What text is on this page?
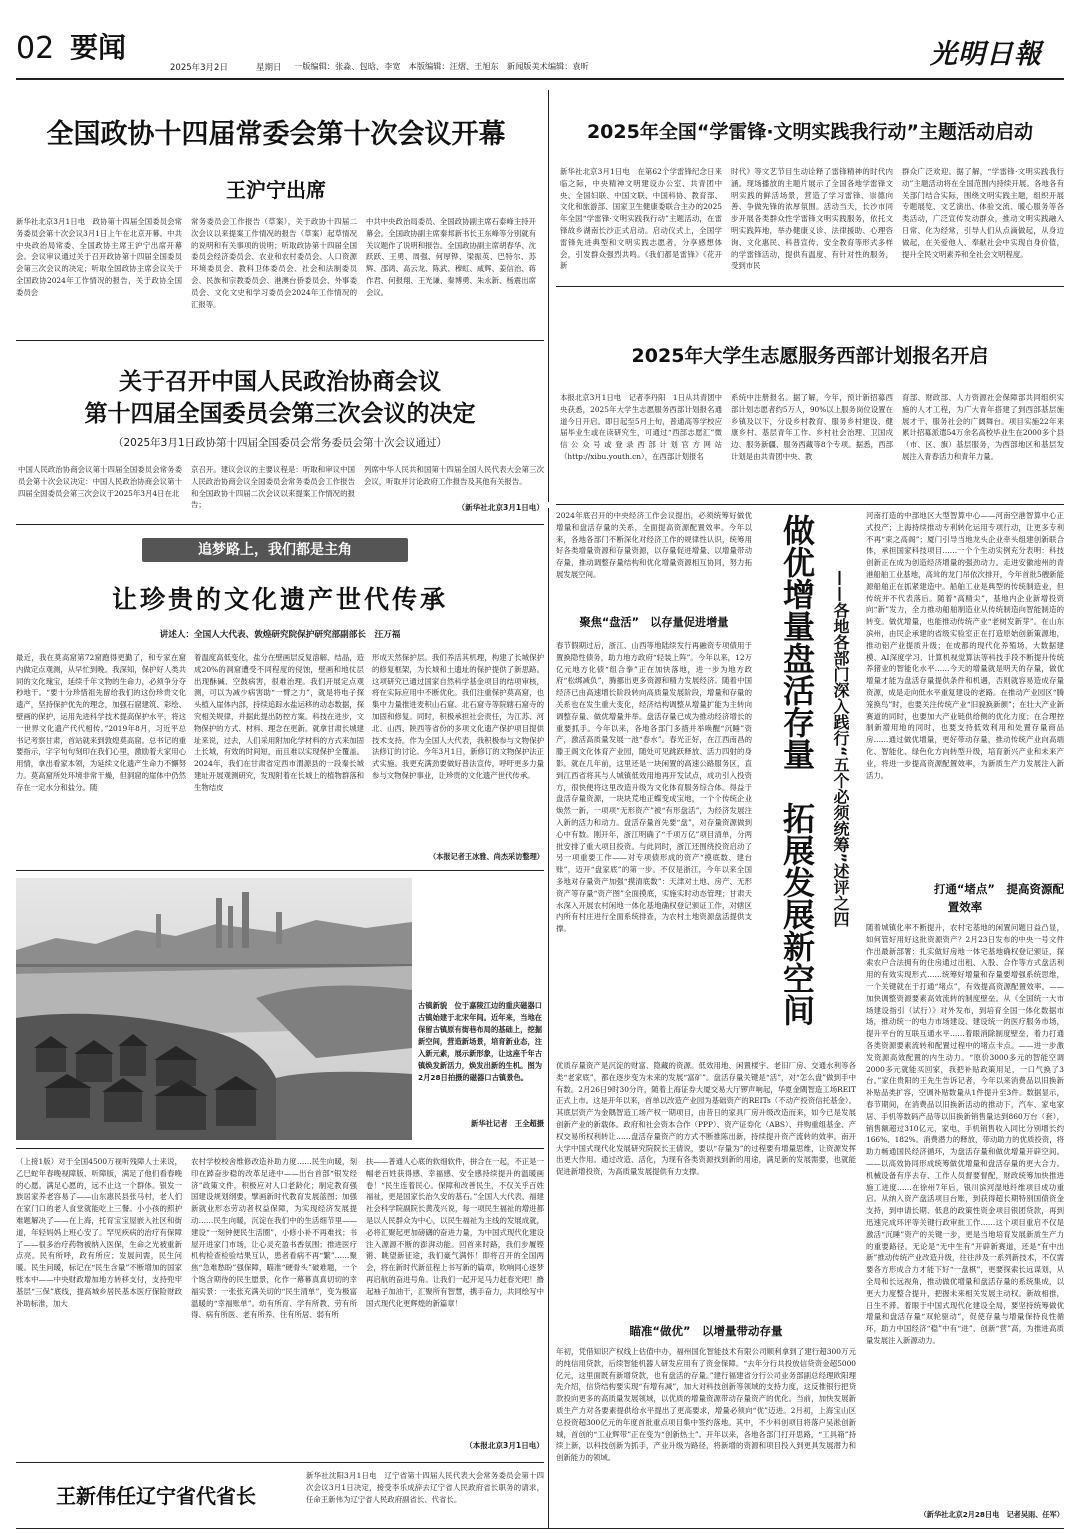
02 要闻
2025年3月2日	星期日 一版编辑：张淼、包晗、李宽　本版编辑：汪熠、王旭东　新闻版美术编辑：袁昕	光明日報
全国政协十四届常委会第十次会议开幕
王沪宁出席
新华社北京3月1日电　政协第十四届全国委员会常务委员会第十次会议3月1日上午在北京开幕。中共中央政治局常委、全国政协主席王沪宁出席开幕会。会议审议通过关于召开政协第十四届全国委员会第三次会议的决定；听取全国政协主席会议关于全国政协2024年工作情况的报告，关于政协全国委员会
常务委员会工作报告（草案），关于政协十四届二次会议以来提案工作情况的报告（草案）起草情况的说明和有关事项的说明；听取政协第十四届全国委员会经济委员会、农业和农村委员会、人口资源环境委员会、教科卫体委员会、社会和法制委员会、民族和宗教委员会、港澳台侨委员会、外事委员会、文化文史和学习委员会2024年工作情况的汇报等。
中共中央政治局委员、全国政协副主席石泰峰主持开幕会。全国政协副主席秦邦新书长王东峰等分别就有关议题作了说明和报告。全国政协副主席胡春华、沈跃跃、王勇、周强、何厚铧、梁振英、巴特尔、苏辉、邵鸿、高云龙、陈武、穆虹、咸辉、姜信治、蒋作君、何报翔、王光谦、秦博勇、朱永新、杨震出席会议。
2025年全国“学雷锋·文明实践我行动”主题活动启动
新华社北京3月1日电　在第62个学雷锋纪念日来临之际，中央精神文明建设办公室、共青团中央、全国妇联、中国文联、中国科协、教育部、文化和旅游部、国家卫生健康委联合主办的2025年全国“学雷锋·文明实践我行动”主题活动，在雷锋故乡湖南长沙正式启动。启动仪式上，全国学雷锋先进典型和文明实践志愿者，分享感想体会，引发群众强烈共鸣。《我们都是雷锋》《花开新
时代》等文艺节目生动诠释了雷锋精神的时代内涵。现场播放的主题片展示了全国各地学雷锋文明实践的鲜活场景，营造了学习雷锋、崇德向善、争做先锋的浓厚氛围。活动当天，长沙市同步开展各类群众性学雷锋文明实践服务，依托文明实践阵地，举办健康义诊、法律援助、心理咨询、文化惠民、科普宣传、安全教育等形式多样的学雷锋活动，提供有温度、有针对性的服务，受到市民
群众广泛欢迎。据了解，“学雷锋·文明实践我行动”主题活动将在全国范围内持续开展。各地各有关部门结合实际，围绕文明实践主题，组织开展专题展览、文艺演出、体验交流、暖心服务等各类活动，广泛宣传发动群众，推动文明实践融入日常、化为经常，引导人们从点滴做起，从身边做起，在关爱他人、奉献社会中实现自身价值，提升全民文明素养和全社会文明程度。
2025年大学生志愿服务西部计划报名开启
本报北京3月1日电　记者李丹阳　1日从共青团中央获悉，2025年大学生志愿服务西部计划报名通道今日开启。即日起至5月上旬，普通高等学校应届毕业生或在读研究生，可通过“西部志愿汇”微信公众号或登录西部计划官方网站（http://xibu.youth.cn），在西部计划报名
系统中注册报名。据了解，今年，预计新招募西部计划志愿者约5万人，90%以上服务岗位设置在乡镇及以下，分设乡村教育、服务乡村建设、健康乡村、基层青年工作、乡村社会治理、卫国戍边、服务新疆、服务西藏等8个专项。据悉，西部计划是由共青团中央、教
育部、财政部、人力资源社会保障部共同组织实施的人才工程，为广大青年搭建了到西部基层施展才干、服务社会的广阔舞台。项目实施22年来累计招募派遣54万余名高校毕业生在2000多个县（市、区、旗）基层服务，为西部地区和基层发展注入青春活力和青年力量。
关于召开中国人民政治协商会议
第十四届全国委员会第三次会议的决定
（2025年3月1日政协第十四届全国委员会常务委员会第十次会议通过）
中国人民政治协商会议第十四届全国委员会常务委员会第十次会议决定：中国人民政治协商会议第十四届全国委员会第三次会议于2025年3月4日在北
京召开。建议会议的主要议程是：听取和审议中国人民政治协商会议全国委员会常务委员会工作报告和全国政协十四届二次会议以来提案工作情况的报告；
列席中华人民共和国第十四届全国人民代表大会第三次会议，听取并讨论政府工作报告及其他有关报告。
（新华社北京3月1日电）
追梦路上，我们都是主角
让珍贵的文化遗产世代传承
讲述人：全国人大代表、敦煌研究院保护研究部副部长　汪万福
最近，我在莫高窟第72窟跑得更勤了，和专家在窟内做定点观测，从早忙到晚。我深知，保护好人类共同的文化瑰宝，延续千年文物的生命力，必须争分夺秒地干。“要十分珍惜祖先留给我们的这份珍贵文化遗产，坚持保护优先的理念，加强石窟建筑、彩绘、壁画的保护，运用先进科学技术提高保护水平，将这一世界文化遗产代代相传。”2019年8月，习近平总书记考察甘肃，首站就来到敦煌莫高窟。总书记的重要指示，字字句句刻印在我们心里，激励着大家用心用情，拿出看家本领，为延续文化遗产生命力不懈努力。莫高窟所处环境非常干燥，但洞窟的崖体中仍然存在一定水分和盐分。随
着温度高低变化，盐分在壁画层反复溶解、结晶，造成20%的洞窟遭受不同程度的侵蚀，壁画和地仗层出现酥碱、空鼓病害，很难治理。我们开展定点观测，可以为减少病害助“一臂之力”，就是将电子探头植入崖体内部，持续追踪水盐运移的动态数据，探究相关规律，并据此提出防控方案。科技在进步，文物保护的方式、材料、理念在更新。就拿甘肃长城建址来说，过去，人们采用附加化学材料的方式来加固土长城，有效的时间短，而且难以实现保护全覆盖。2024年，我们在甘肃省定西市渭源县的一段秦长城建址开展观测研究，发现附着在长城上的植物群落和生物结皮
形成天然保护层。我们养活其机理，构建了长城保护的修复框架，为长城和土遗址的保护提供了新思路。这项研究已通过国家自然科学基金项目的结项审核，将在实际应用中不断优化。我们注重保护莫高窟，也集中力量推进麦积山石窟、北石窟寺等院辖石窟寺的加固和修复。同时，积极承担社会责任，为江苏、河北、山西、陕西等省份的多项文化遗产保护项目提供技术支持。作为全国人大代表，我积极参与文物保护法修订的讨论。今年3月1日，新修订的文物保护法正式实施。我更充满劲要做好普法宣传，呼吁更多力量参与文物保护事业，让珍贵的文化遗产世代传承。
（本报记者王冰雅、尚杰采访整理）
古镇新貌　位于嘉陵江边的重庆磁器口古镇始建于北宋年间。近年来，当地在保留古镇原有街巷布局的基础上，挖掘新空间，营造新场景，培育新业态，注入新元素，展示新形象，让这座千年古镇焕发新活力，焕发出新的生机。图为2月28日拍摄的磁器口古镇景色。
新华社记者　王全超摄
（上接1版）对于全国4500万视听残障人士来说，乙巳蛇年春晚视障版、听障版，满足了他们看春晚的心愿。满足心愿的，远不止这一个群体。银发一族居家养老容易了——山东惠民县张马村，老人们在家门口的老人食堂就能吃上三餐。小小孩的照护难题解决了——在上海，托育宝宝屋嵌入社区和街道，年轻妈妈上班心安了。罕见疾病的治疗有保障了——很多治疗药物被纳入医保，生命之光被重新点亮。民有所呼，政有所应；发展问需，民生问暖。民生问暖，标记在“民生含量”不断增加的国家账本中——中央财政增加地方转移支付，支持兜牢基层“三保”底线，提高城乡居民基本医疗保险财政补助标准，加大
农村学校校舍维修改造补助力度……民生向暖，刻印在踔奋步稳的改革足迹中——出台首部“银发经济”政策文件，积极应对人口老龄化；制定教育强国建设规划纲要，擘画新时代教育发展蓝图；加强新就业形态劳动者权益保障，为实现经济发展提动……民生向暖，沉淀在我们中的生活细节里——建设“一刻钟便民生活圈”，小修小补不再难找；书屋开进家门市场，让心灵充盈书香氛围；推进医疗机构检查检验结果互认，患者看病不再“繁”……聚焦“急难愁盼”强保障，瞄准“硬骨头”破难题，一个个饱含期待的民生愿景，化作一幕幕真真切切的幸福实景：一张张充满关切的“民生清单”，变为极富温暖的“幸福账单”。幼有所育、学有所教、劳有所得、病有所医、老有所养、住有所居、弱有所
扶——普通人心底的软细软件，拼合在一起，不正是一幅老百姓获得感、幸福感、安全感持续提升的温暖画卷！“民生连着民心。保障和改善民生，不仅关乎百姓福祉，更是国家长治久安的基石。”全国人大代表、福建社会科学院副院长黄茂兴说，每一项民生福祉的增进都是以人民群众为中心，以民生福祉为主线的发展成就，必将汇聚起更加磅礴的奋进力量，为中国式现代化建设注入源源不断的澎湃动能。回首来时路，我们步履铿锵、眺望新征途，我们豪气满怀！即将召开的全国两会，将在新时代新征程上书写新的篇章，吹响同心逐梦再启航的奋进号角。让我们一起开足马力赶春光吧！撸起袖子加油干，汇聚所有智慧，携手奋力，共同绘写中国式现代化更辉煌的新篇章！
（本报北京3月1日电）
王新伟任辽宁省代省长
新华社沈阳3月1日电　辽宁省第十四届人民代表大会常务委员会第十四次会议3月1日决定，接受李乐成辞去辽宁省人民政府省长职务的请求，任命王新伟为辽宁省人民政府副省长、代省长。
2024年底召开的中央经济工作会议提出，必须统筹好做优增量和盘活存量的关系，全面提高资源配置效率。今年以来，各地各部门不断深化对经济工作的规律性认识，统筹用好各类增量资源和存量资源，以存量促进增量、以增量带动存量，推动调整存量结构和优化增量资源相互协同，努力拓展发展空间。
聚焦“盘活”　以存量促进增量
春节假期过后，浙江、山西等地陆续发行再融资专项债用于置换隐性债务，助力地方政府“轻装上阵”。今年以来，12万亿元地方化债“组合拳”正在加快落地，进一步为地方政府“松绑减负”，腾挪出更多资源和精力发展经济。随着中国经济已由高速增长阶段转向高质量发展阶段，增量和存量的关系也在发生重大变化，经济结构调整从增量扩能为主转向调整存量、做优增量并举。盘活存量已成为推动经济增长的重要抓手。今年以来，各地各部门多措并举唤醒“沉睡”资产，激活高质量发展一池“春水”。春光正好，在江西南昌的滕王阁文化体育产业园，随处可见跳跃释放、活力四射的身影。就在几年前，这里还是一块闲置的高速公路服务区，直到江西省将其与人城镇低效用地再开发试点，成功引入投资方，很快便将这里改造升级为文化体育服务综合体。得益于盘活存量资源，一块块荒地正蝶变成宝地，一个个传统企业焕然一新，一项项“无形资产”被“有形盘活”，为经济发展注入新的活力和动力。盘活存量首先要“盘”，对存量资源做到心中有数。刚开年，浙江明确了“千项万亿”项目清单，分两批安排了重大项目投资。与此同时，浙江还围绕投资启动了另一项重要工作——对专项债形成的资产“摸底数、建台账”，迈开“盘家底”的第一步。不仅是浙江，今年以来全国多地对存量资产加强“摸清底数”：天津对土地、房产、无形资产等存量“资产图”全面摸底，实施实时动态管理；甘肃天水深入开展农村闲地一体化基地确权登记颁证工作，对辖区内所有村庄进行全面系统排查，为农村土地资源盘活提供支撑。	做优增量盘活存量　拓展发展新空间 ——各地各部门深入践行“五个必须统筹”述评之四
优质存量资产是沉淀的财富、隐藏的资源。低效用地、闲置楼宇、老旧厂房、交通水利等各类“老家底”，都在逐步变为未来的发展“富矿”。盘活存量关键是“活”，对“怎么盘”做到手中有数。2月26日9时30分许，随着上海证券大厦交易大厅锣声响起，华夏金隅智造工场REIT正式上市。这是开年以来，首单以改造产业园为基础资产的REITs（不动产投资信托基金）。其底层资产为金隅智造工场产权一期项目，由昔日的家具厂房升级改造而来，如今已是发展创新产业的新载体。政府和社会资本合作（PPP）、资产证券化（ABS）、并购重组基金、产权交易所权利转让……盘活存量资产的方式不断推陈出新，持续提升资产流转的效率。南开大学中国式现代化发展研究院院长王倩说，要以“存量为”的过程要有增量思维，让资源发挥出更大作用。通过改造、活化，为现有各类资源找到新的用途，满足新的发展需要，也就能促进新增投资，为高质量发展提供有力支撑。
瞄准“做优”　以增量带动存量
年初，凭借知识产权线上估值中办，福州国化智能技术有限公司顺利拿到了建行超300万元的纯信用贷款，后续智能机器人研发应用有了资金保障。“去年分行共投放信贷资金超5000亿元，这里面既有新增贷款，也有盘活的存量。”建行福建省分行公司业务部副总经理欧阳理先介绍，信贷结构要实现“有增有减”，加大对科技创新等领域的支持力度，这反推银行把贷款投向更多的高质量发展领域，以优质的增量资源带动存量资产的优化。当前，加快发展新质生产力对各要素提供给水平提出了更高要求，增量必须向“优”迈进。2月初，上海宝山区总投资超300亿元的年度首批重点项目集中签约落地。其中，不少科创项目将落户吴淞创新城，首创的“工业辉带”正在变为“创新热土”。开年以来，各地各部门打开思路，“工具箱”持续上新，以科技创新为抓手，产业升级为路径，将新增的资源和项目投入到更具发展潜力和创新能力的领域。
河南打造的中部地区大型智算中心——河南空港智算中心正式投产；上海持续推动专利转化运用专项行动，让更多专利不再“束之高阁”；厦门引导当地龙头企业牵头组建创新联合体，承担国家科技项目……一个个生动实例充分表明：科技创新正在成为创造经济增量的强劲动力。走进安徽池州的青港船舶工业基地，高耸的龙门吊依次排开，今年首批5艘新能源船舶正在抓紧建造中。船舶工业是典型的传统制造业，但传统并不代表落后。随着“高精尖”，基地内企业新增投资向“新”发力，全力推动船舶制造业从传统制造向智能制造的转变。做优增量，也能推动传统产业“老树发新芽”。在山东滨州，由民企承建的省级实验室正在打造原始创新策源地，推动铝产业提质升级；在成都的现代化养殖场，大数据建模、AI深度学习、计算机视觉算法等科技手段不断提升传统养猪业的智能化水平……今天的增量就是明天的存量，做优增量才能为盘活存量提供条件和机遇，否则就容易造成存量资源，成是走向低水平重复建设的老路。在推动产业园区“腾笼换鸟”时，也要关注传统产业“旧貌换新颜”；在壮大产业新赛道的同时，也要加大产业链供给侧的优化力度；在合理控制新增用地的同时，也要支持低效利用和处置存量商品房……通过做优增量，更好带动存量，推动传统产业向高端化、智能化、绿色化方向转型升级，培育新兴产业和未来产业，将进一步提高资源配置效率，为新质生产力发展注入新活力。
打通“堵点”　提高资源配
置效率
随着城镇化率不断提升，农村宅基地的闲置问题日益凸显，如何管好用好这批资源资产？2月23日发布的中央一号文件作出最新部署：扎实做好房地一体宅基地确权登记颁证，探索农户合法拥有的住房通过出租、入股、合作等方式盘活利用的有效实现形式……统筹好增量和存量要增强系统思维，一个关键就在于打通“堵点”，有效提高资源配置效率。——加快调整资源要素高效流转的制度壁垒。从《全国统一大市场建设指引（试行）》对外发布，到培育全国一体化数据市场，推动统一的电力市场建设、建设统一的医疗服务市场，提升平台的互联互通水平……着眼消除制度壁垒，着力打通各类资源要素流转和配置过程中的堵点卡点。——进一步激发资源高效配置的内生动力。“原价3000多元的智能空调2000多元就能买回家，我把补贴政策用足，一口气换了3台。”家住贵阳的王先生告诉记者，今年以来消费品以旧换新补贴品类扩容，空调补贴数量从1件提升至3件。数据显示，春节期间，在消费品以旧换新活动的推动下，汽车、家电家居、手机等数码产品等以旧换新销售量达到860万台（套），销售额超过310亿元，家电、手机销售收入同比分别增长约166%、182%。消费潜力的释放，带动助力的优质投资，将助力畅通国民经济循环，为盘活存量和做优增量开辟空间。——以高效协同形成统筹做优增量和盘活存量的更大合力。机械设备有序去存、工作人员督要督配，财政统筹加快推进施工进度……在徐州7年后，银川滨河湿地纤维项目成功重启。从纳入资产盘活项目台账，到获得超长期特别国债资金支持，到申请长期、低息的政策性资金项目银团贷款，再到迅速完成环评等关键行政审批工作……这个项目重启不仅是激活“沉睡”资产的关键一步，更是当地培育发展新质生产力的重要路径。无论是“无中生有”开辟新赛道，还是“有中出新”推动传统产业改造升级，往往涉及一系列新技术，不仅需要各方形成合力才能下好“一盘棋”，更要探索长远谋划，从全局和长远视角，推动做优增量和盘活存量的系统集成，以更大力度整合提升，把握未来相关发展主动权。新故相推，日生不滞。着眼于中国式现代化建设全局，要坚持统筹做优增量和盘活存量“双轮驱动”，促使存量与增量保持良性循环，助力中国经济“稳”中有“进”、创新“营”高，为推进高质量发展注入新源动力。
（新华社北京2月28日电　记者吴雨、任军）
